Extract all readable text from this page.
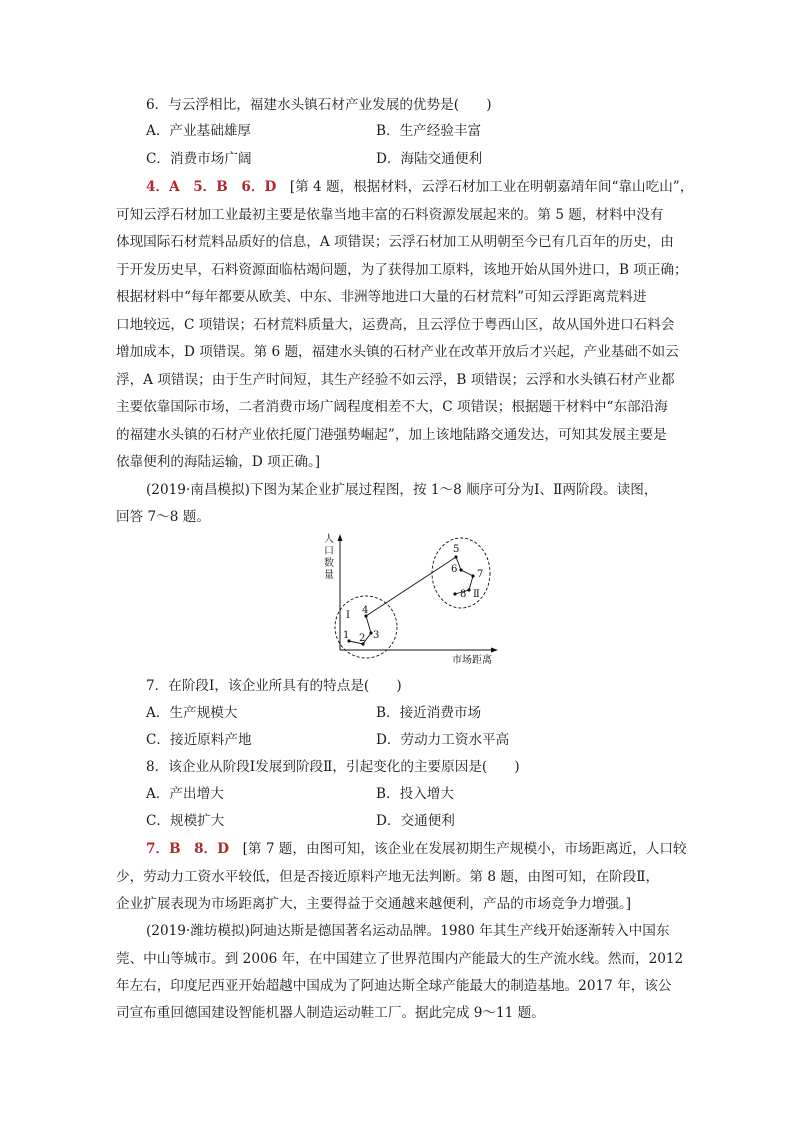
6．与云浮相比，福建水头镇石材产业发展的优势是(　　)
A．产业基础雄厚	B．生产经验丰富
C．消费市场广阔	D．海陆交通便利
4．A　5．B　6．D　[第 4 题，根据材料，云浮石材加工业在明朝嘉靖年间“靠山吃山”，
可知云浮石材加工业最初主要是依靠当地丰富的石料资源发展起来的。第 5 题，材料中没有
体现国际石材荒料品质好的信息，A 项错误；云浮石材加工从明朝至今已有几百年的历史，由
于开发历史早，石料资源面临枯竭问题，为了获得加工原料，该地开始从国外进口，B 项正确；
根据材料中“每年都要从欧美、中东、非洲等地进口大量的石材荒料”可知云浮距离荒料进
口地较远，C 项错误；石材荒料质量大，运费高，且云浮位于粤西山区，故从国外进口石料会
增加成本，D 项错误。第 6 题，福建水头镇的石材产业在改革开放后才兴起，产业基础不如云
浮，A 项错误；由于生产时间短，其生产经验不如云浮，B 项错误；云浮和水头镇石材产业都
主要依靠国际市场，二者消费市场广阔程度相差不大，C 项错误；根据题干材料中“东部沿海
的福建水头镇的石材产业依托厦门港强势崛起”，加上该地陆路交通发达，可知其发展主要是
依靠便利的海陆运输，D 项正确。]
(2019·南昌模拟)下图为某企业扩展过程图，按 1～8 顺序可分为Ⅰ、Ⅱ两阶段。读图，
回答 7～8 题。
人
口
数
量
市场距离
1 2 3
4
5
6 7
8
Ⅰ
Ⅱ
7．在阶段Ⅰ，该企业所具有的特点是(　　)
A．生产规模大	B．接近消费市场
C．接近原料产地	D．劳动力工资水平高
8．该企业从阶段Ⅰ发展到阶段Ⅱ，引起变化的主要原因是(　　)
A．产出增大	B．投入增大
C．规模扩大	D．交通便利
7．B　8．D　[第 7 题，由图可知，该企业在发展初期生产规模小，市场距离近，人口较
少，劳动力工资水平较低，但是否接近原料产地无法判断。第 8 题，由图可知，在阶段Ⅱ，
企业扩展表现为市场距离扩大，主要得益于交通越来越便利，产品的市场竞争力增强。]
(2019·潍坊模拟)阿迪达斯是德国著名运动品牌。1980 年其生产线开始逐渐转入中国东
莞、中山等城市。到 2006 年，在中国建立了世界范围内产能最大的生产流水线。然而，2012
年左右，印度尼西亚开始超越中国成为了阿迪达斯全球产能最大的制造基地。2017 年，该公
司宣布重回德国建设智能机器人制造运动鞋工厂。据此完成 9～11 题。
